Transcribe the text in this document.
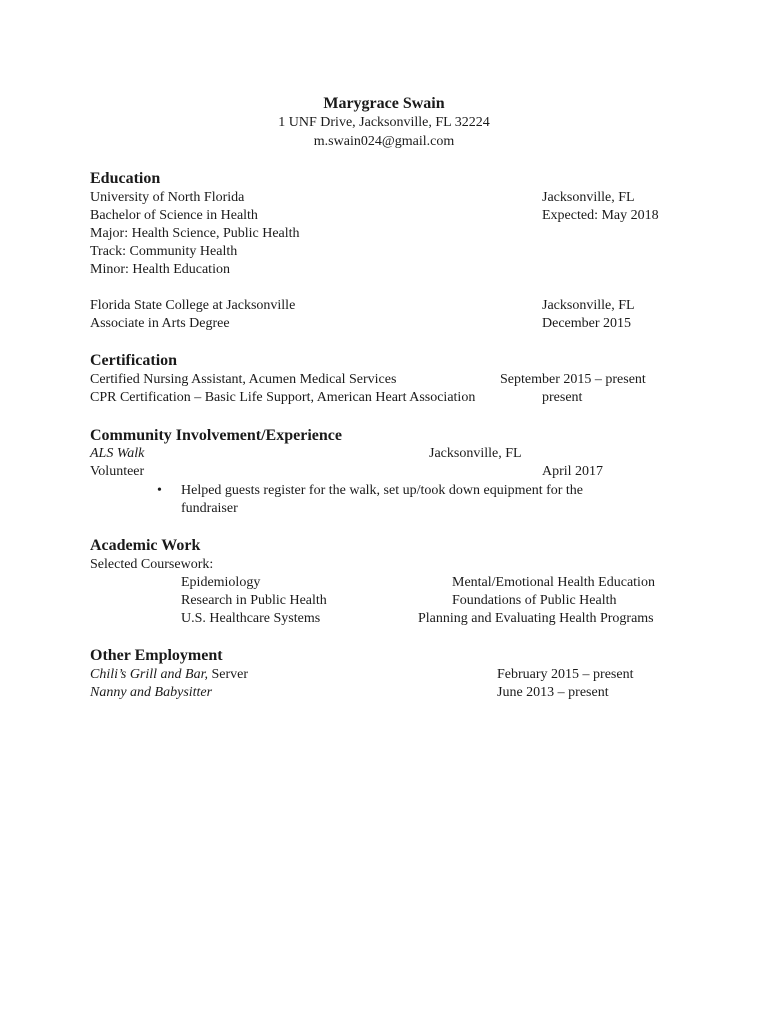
Marygrace Swain
1 UNF Drive, Jacksonville, FL 32224
m.swain024@gmail.com
Education
University of North Florida	Jacksonville, FL
Bachelor of Science in Health	Expected: May 2018
Major: Health Science, Public Health
Track: Community Health
Minor: Health Education
Florida State College at Jacksonville	Jacksonville, FL
Associate in Arts Degree	December 2015
Certification
Certified Nursing Assistant, Acumen Medical Services	September 2015 – present
CPR Certification – Basic Life Support, American Heart Association	present
Community Involvement/Experience
ALS Walk	Jacksonville, FL
Volunteer	April 2017
• Helped guests register for the walk, set up/took down equipment for the
fundraiser
Academic Work
Selected Coursework:
Epidemiology	Mental/Emotional Health Education
Research in Public Health	Foundations of Public Health
U.S. Healthcare Systems	Planning and Evaluating Health Programs
Other Employment
Chili’s Grill and Bar, Server	February 2015 – present
Nanny and Babysitter	June 2013 – present
